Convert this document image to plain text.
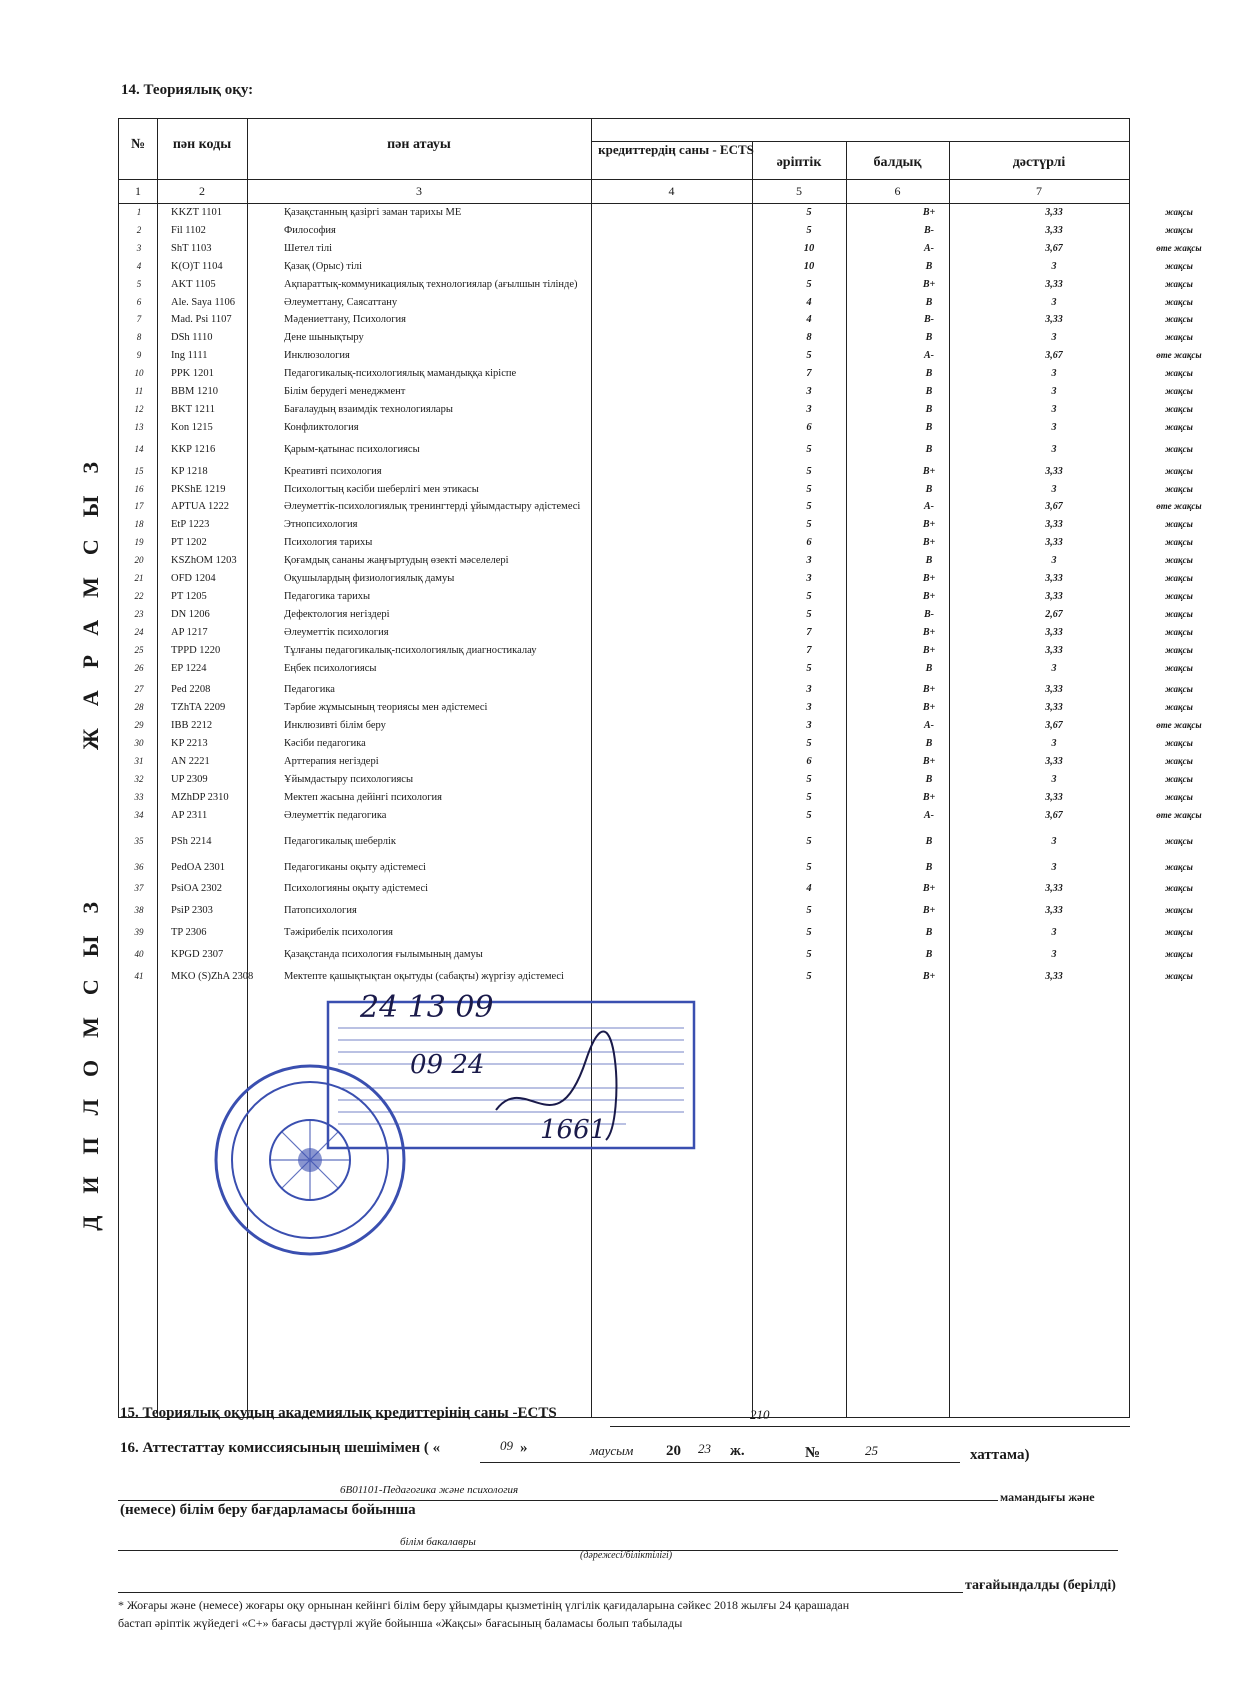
14. Теориялық оқу:
№	пән коды	пән атауы	кредиттердің саны - ECTS
әріптік	балдық	дәстүрлі
1	2	3	4	5	6	7
1	KKZT 1101	Қазақстанның қазіргі заман тарихы МЕ	5	B+	3,33	жақсы
2	Fil 1102	Философия	5	B-	3,33	жақсы
3	ShT 1103	Шетел тілі	10	A-	3,67	өте жақсы
4	K(O)T 1104	Қазақ (Орыс) тілі	10	B	3	жақсы
5	AKT 1105	Ақпараттық-коммуникациялық технологиялар (ағылшын тілінде)	5	B+	3,33	жақсы
6	Ale. Saya 1106	Әлеуметтану, Саясаттану	4	B	3	жақсы
7	Mad. Psi 1107	Мәдениеттану, Психология	4	B-	3,33	жақсы
8	DSh 1110	Дене шынықтыру	8	B	3	жақсы
9	Ing 1111	Инклюзология	5	A-	3,67	өте жақсы
10	PPK 1201	Педагогикалық-психологиялық мамандыққа кіріспе	7	B	3	жақсы
11	BBM 1210	Білім берудегі менеджмент	3	B	3	жақсы
12	BKT 1211	Бағалаудың взаимдік технологиялары	3	B	3	жақсы
13	Kon 1215	Конфликтология	6	B	3	жақсы
14	KKP 1216	Қарым-қатынас психологиясы	5	B	3	жақсы
15	KP 1218	Креативті психология	5	B+	3,33	жақсы
16	PKShE 1219	Психологтың кәсіби шеберлігі мен этикасы	5	B	3	жақсы
17	APTUA 1222	Әлеуметтік-психологиялық тренингтерді ұйымдастыру әдістемесі	5	A-	3,67	өте жақсы
18	EtP 1223	Этнопсихология	5	B+	3,33	жақсы
19	PT 1202	Психология тарихы	6	B+	3,33	жақсы
20	KSZhOM 1203	Қоғамдық сананы жаңғыртудың өзекті мәселелері	3	B	3	жақсы
21	OFD 1204	Оқушылардың физиологиялық дамуы	3	B+	3,33	жақсы
22	PT 1205	Педагогика тарихы	5	B+	3,33	жақсы
23	DN 1206	Дефектология негіздері	5	B-	2,67	жақсы
24	AP 1217	Әлеуметтік психология	7	B+	3,33	жақсы
25	TPPD 1220	Тұлғаны педагогикалық-психологиялық диагностикалау	7	B+	3,33	жақсы
26	EP 1224	Еңбек психологиясы	5	B	3	жақсы
27	Ped 2208	Педагогика	3	B+	3,33	жақсы
28	TZhTA 2209	Тәрбие жұмысының теориясы мен әдістемесі	3	B+	3,33	жақсы
29	IBB 2212	Инклюзивті білім беру	3	A-	3,67	өте жақсы
30	KP 2213	Кәсіби педагогика	5	B	3	жақсы
31	AN 2221	Арттерапия негіздері	6	B+	3,33	жақсы
32	UP 2309	Ұйымдастыру психологиясы	5	B	3	жақсы
33	MZhDP 2310	Мектеп жасына дейінгі психология	5	B+	3,33	жақсы
34	AP 2311	Әлеуметтік педагогика	5	A-	3,67	өте жақсы
35	PSh 2214	Педагогикалық шеберлік	5	B	3	жақсы
36	PedOA 2301	Педагогиканы оқыту әдістемесі	5	B	3	жақсы
37	PsiOA 2302	Психологияны оқыту әдістемесі	4	B+	3,33	жақсы
38	PsiP 2303	Патопсихология	5	B+	3,33	жақсы
39	TP 2306	Тәжірибелік психология	5	B	3	жақсы
40	KPGD 2307	Қазақстанда психология ғылымының дамуы	5	B	3	жақсы
41	MKO (S)ZhA 2308	Мектепте қашықтықтан оқытуды (сабақты) жүргізу әдістемесі	5	B+	3,33	жақсы
ЖАРАМСЫЗ
ДИПЛОМСЫЗ	24 13 09
09 24
1661
15. Теориялық оқудың академиялық кредиттерінің саны -ECTS	210
16. Аттестаттау комиссиясының шешімімен ( «	09 »	маусым 20 23 ж.	№	25	хаттама)
6В01101-Педагогика және психология	мамандығы және
(немесе) білім беру бағдарламасы бойынша
білім бакалавры
(дәрежесі/біліктілігі)
тағайындалды (берілді)
* Жоғары және (немесе) жоғары оқу орнынан кейінгі білім беру ұйымдары қызметінің үлгілік қағидаларына сәйкес 2018 жылғы 24 қарашадан
бастап әріптік жүйедегі «С+» бағасы дәстүрлі жүйе бойынша «Жақсы» бағасының баламасы болып табылады
